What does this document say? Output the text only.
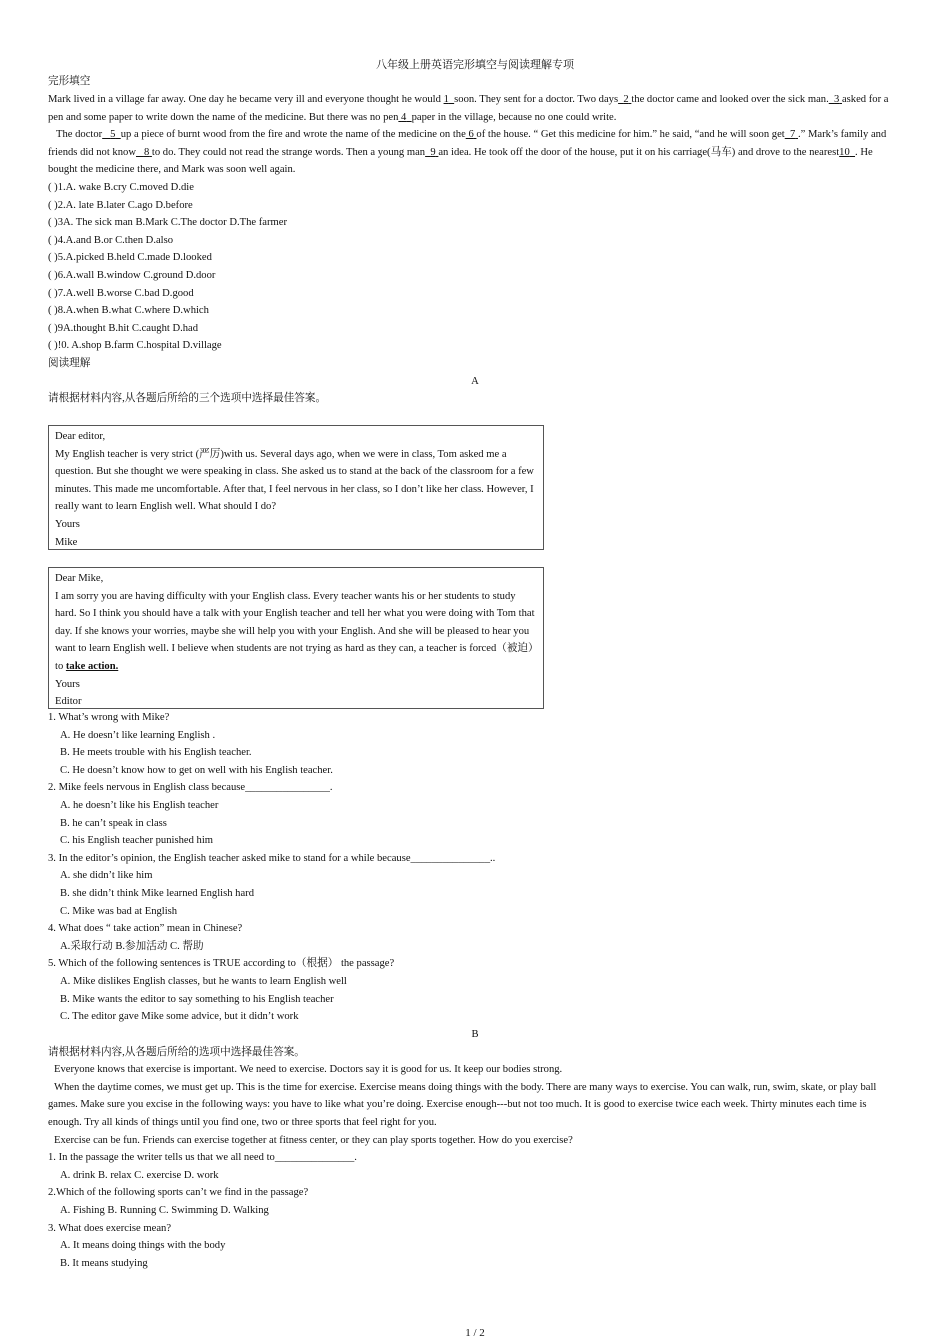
八年级上册英语完形填空与阅读理解专项
完形填空
Mark lived in a village far away. One day he became very ill and everyone thought he would 1 soon. They sent for a doctor. Two days 2 the doctor came and looked over the sick man. 3 asked for a pen and some paper to write down the name of the medicine. But there was no pen 4 paper in the village, because no one could write.
The doctor 5 up a piece of burnt wood from the fire and wrote the name of the medicine on the 6 of the house. “ Get this medicine for him.” he said, “and he will soon get 7 .” Mark’s family and friends did not know 8 to do. They could not read the strange words. Then a young man 9 an idea. He took off the door of the house, put it on his carriage(马车) and drove to the nearest10 . He bought the medicine there, and Mark was soon well again.
( )1.A. wake B.cry C.moved D.die
( )2.A. late B.later C.ago D.before
( )3A. The sick man B.Mark C.The doctor D.The farmer
( )4.A.and B.or C.then D.also
( )5.A.picked B.held C.made D.looked
( )6.A.wall B.window C.ground D.door
( )7.A.well B.worse C.bad D.good
( )8.A.when B.what C.where D.which
( )9A.thought B.hit C.caught D.had
( )!0. A.shop B.farm C.hospital D.village
阅读理解
A
请根据材料内容,从各题后所给的三个选项中选择最佳答案。
Dear editor,
My English teacher is very strict (严厉)with us. Several days ago, when we were in class, Tom asked me a question. But she thought we were speaking in class. She asked us to stand at the back of the classroom for a few minutes. This made me uncomfortable. After that, I feel nervous in her class, so I don’t like her class. However, I really want to learn English well. What should I do?
Yours
Mike
Dear Mike,
I am sorry you are having difficulty with your English class. Every teacher wants his or her students to study hard. So I think you should have a talk with your English teacher and tell her what you were doing with Tom that day. If she knows your worries, maybe she will help you with your English. And she will be pleased to hear you want to learn English well. I believe when students are not trying as hard as they can, a teacher is forced（被迫）to take action.
Yours
Editor
1. What’s wrong with Mike?
A. He doesn’t like learning English .
B. He meets trouble with his English teacher.
C. He doesn’t know how to get on well with his English teacher.
2. Mike feels nervous in English class because________________.
A. he doesn’t like his English teacher
B. he can’t speak in class
C. his English teacher punished him
3. In the editor’s opinion, the English teacher asked mike to stand for a while because_______________..
A. she didn’t like him
B. she didn’t think Mike learned English hard
C. Mike was bad at English
4. What does “ take action” mean in Chinese?
A.采取行动 B.参加活动 C. 帮助
5. Which of the following sentences is TRUE according to（根据） the passage?
A. Mike dislikes English classes, but he wants to learn English well
B. Mike wants the editor to say something to his English teacher
C. The editor gave Mike some advice, but it didn’t work
B
请根据材料内容,从各题后所给的选项中选择最佳答案。
Everyone knows that exercise is important. We need to exercise. Doctors say it is good for us. It keep our bodies strong.
When the daytime comes, we must get up. This is the time for exercise. Exercise means doing things with the body. There are many ways to exercise. You can walk, run, swim, skate, or play ball games. Make sure you excise in the following ways: you have to like what you’re doing. Exercise enough---but not too much. It is good to exercise twice each week. Thirty minutes each time is enough. Try all kinds of things until you find one, two or three sports that feel right for you.
Exercise can be fun. Friends can exercise together at fitness center, or they can play sports together. How do you exercise?
1. In the passage the writer tells us that we all need to_______________.
A. drink B. relax C. exercise D. work
2.Which of the following sports can’t we find in the passage?
A. Fishing B. Running C. Swimming D. Walking
3. What does exercise mean?
A. It means doing things with the body
B. It means studying
1 / 2
